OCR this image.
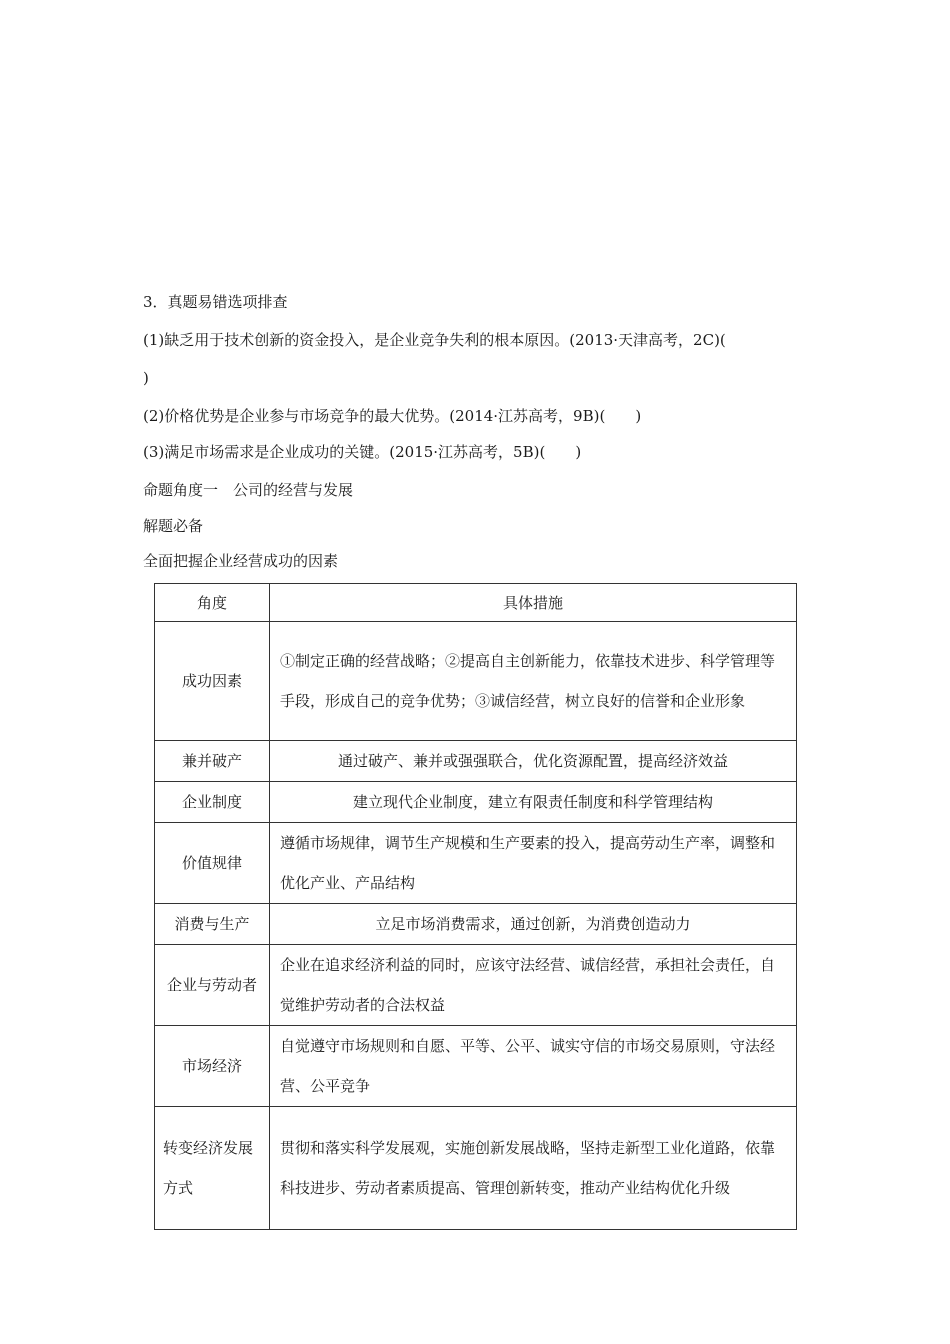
3．真题易错选项排查
(1)缺乏用于技术创新的资金投入，是企业竞争失利的根本原因。(2013·天津高考，2C)(
)
(2)价格优势是企业参与市场竞争的最大优势。(2014·江苏高考，9B)(　　)
(3)满足市场需求是企业成功的关键。(2015·江苏高考，5B)(　　)
命题角度一　公司的经营与发展
解题必备
全面把握企业经营成功的因素
角度	具体措施
成功因素	①制定正确的经营战略；②提高自主创新能力，依靠技术进步、科学管理等手段，形成自己的竞争优势；③诚信经营，树立良好的信誉和企业形象
兼并破产	通过破产、兼并或强强联合，优化资源配置，提高经济效益
企业制度	建立现代企业制度，建立有限责任制度和科学管理结构
价值规律	遵循市场规律，调节生产规模和生产要素的投入，提高劳动生产率，调整和优化产业、产品结构
消费与生产	立足市场消费需求，通过创新，为消费创造动力
企业与劳动者	企业在追求经济利益的同时，应该守法经营、诚信经营，承担社会责任，自觉维护劳动者的合法权益
市场经济	自觉遵守市场规则和自愿、平等、公平、诚实守信的市场交易原则，守法经营、公平竞争
转变经济发展方式	贯彻和落实科学发展观，实施创新发展战略，坚持走新型工业化道路，依靠科技进步、劳动者素质提高、管理创新转变，推动产业结构优化升级
